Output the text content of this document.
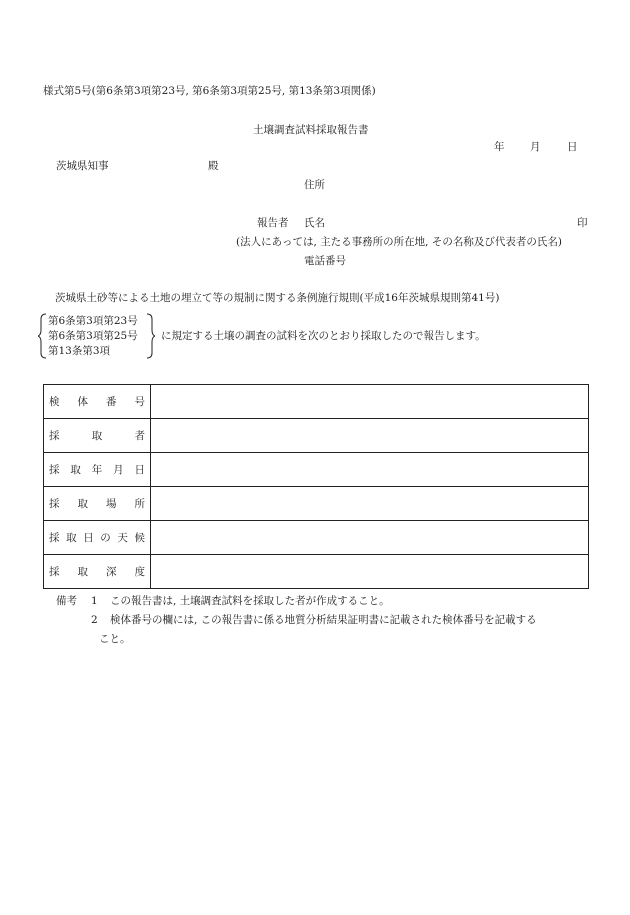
様式第5号(第6条第3項第23号, 第6条第3項第25号, 第13条第3項関係)
土壌調査試料採取報告書
年 月	日
茨城県知事	殿
住所
報告者 氏名	印
(法人にあっては, 主たる事務所の所在地, その名称及び代表者の氏名)
電話番号
茨城県土砂等による土地の埋立て等の規制に関する条例施行規則(平成16年茨城県規則第41号)
第6条第3項第23号
第6条第3項第25号
第13条第3項
に規定する土壌の調査の試料を次のとおり採取したので報告します。
検体番号	
採取者	
採取年月日	
採取場所	
採取日の天候	
採取深度	
備考 1 この報告書は, 土壌調査試料を採取した者が作成すること。
2 検体番号の欄には, この報告書に係る地質分析結果証明書に記載された検体番号を記載する
こと。
